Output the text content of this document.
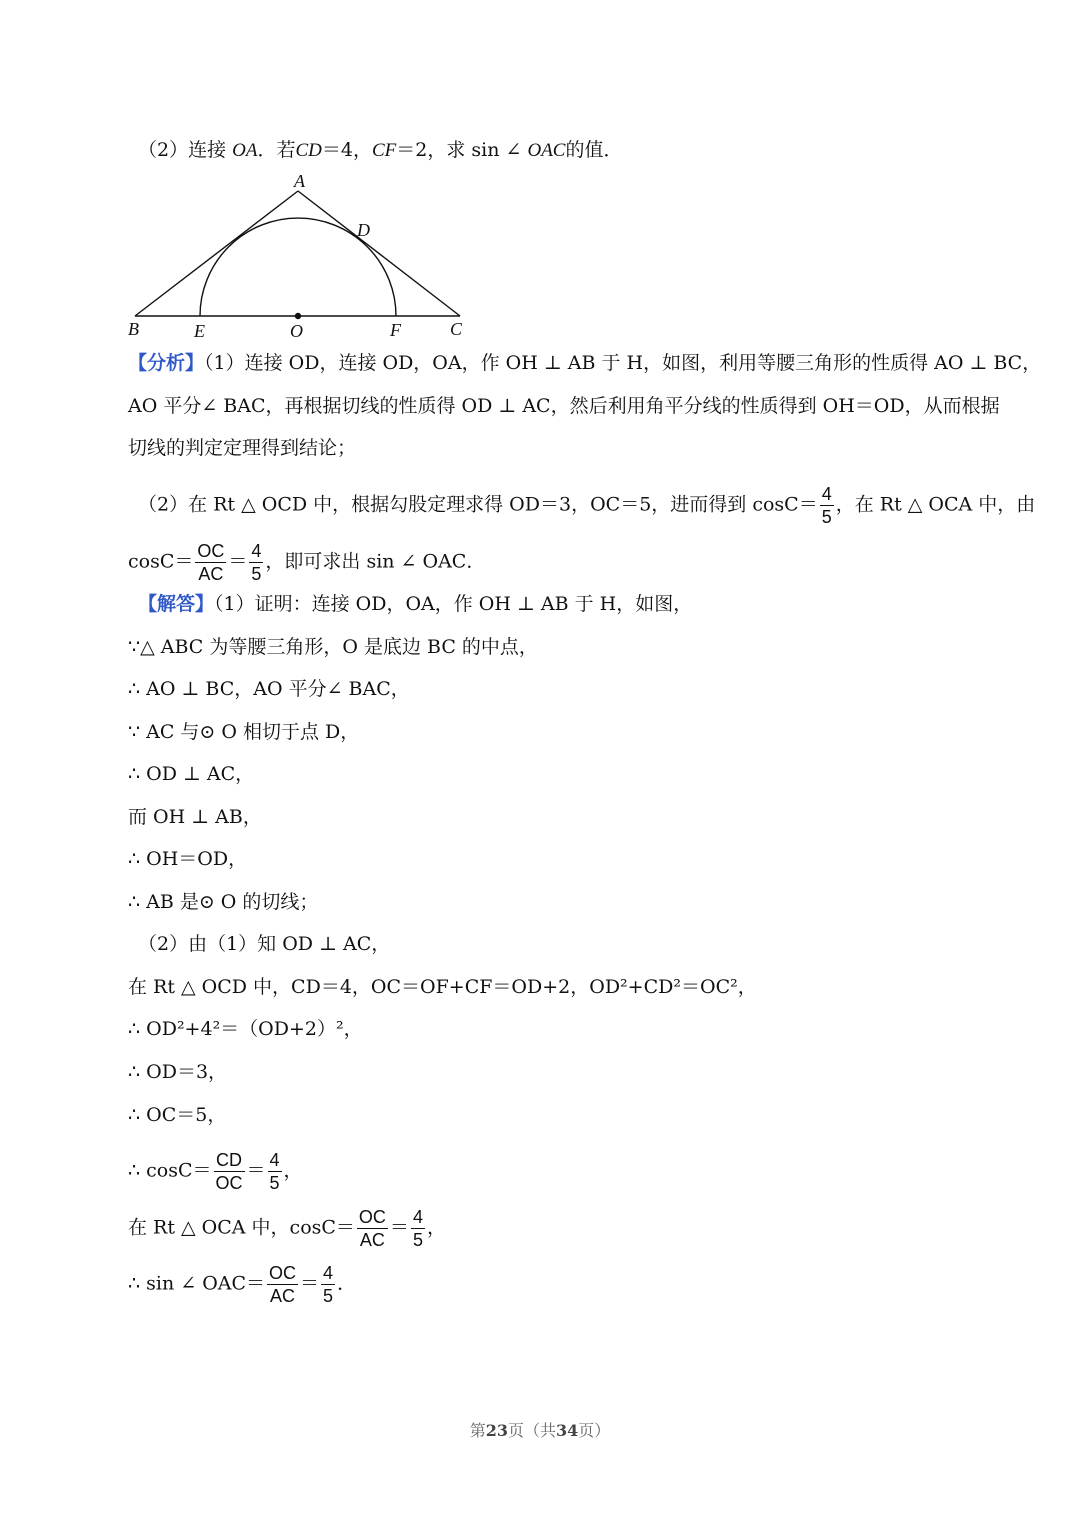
（2）连接 OA．若CD＝4，CF＝2，求 sin ∠ OAC的值．
A
B	C
D
E	F
O
【分析】（1）连接 OD，连接 OD，OA，作 OH ⊥ AB 于 H，如图，利用等腰三角形的性质得 AO ⊥ BC，
AO 平分∠ BAC，再根据切线的性质得 OD ⊥ AC，然后利用角平分线的性质得到 OH＝OD，从而根据
切线的判定定理得到结论；
（2）在 Rt △ OCD 中，根据勾股定理求得 OD＝3，OC＝5，进而得到 $\cos C= \frac{4}{5}$ ，在 Rt △ OCA 中，由
$\cos C= \frac{OC}{AC} = \frac{4}{5}$ ，即可求出 sin ∠ OAC．
【解答】（1）证明：连接 OD，OA，作 OH ⊥ AB 于 H，如图，
∵△ ABC 为等腰三角形，O 是底边 BC 的中点，
∴ AO ⊥ BC，AO 平分∠ BAC，
∵ AC 与⊙ O 相切于点 D，
∴ OD ⊥ AC，
而 OH ⊥ AB，
∴ OH＝OD，
∴ AB 是⊙ O 的切线；
（2）由（1）知 OD ⊥ AC，
在 Rt △ OCD 中，CD＝4，OC＝OF+CF＝OD+2，OD²+CD²＝OC²，
∴ OD²+4²＝（OD+2）²，
∴ OD＝3，
∴ OC＝5，
∴ $\cos C= \frac{CD}{OC} = \frac{4}{5}$ ，
在 Rt △ OCA 中，$\cos C= \frac{OC}{AC} = \frac{4}{5}$ ，
∴ sin ∠ $OAC= \frac{OC}{AC} = \frac{4}{5}$ ．
第23页（共34页）
